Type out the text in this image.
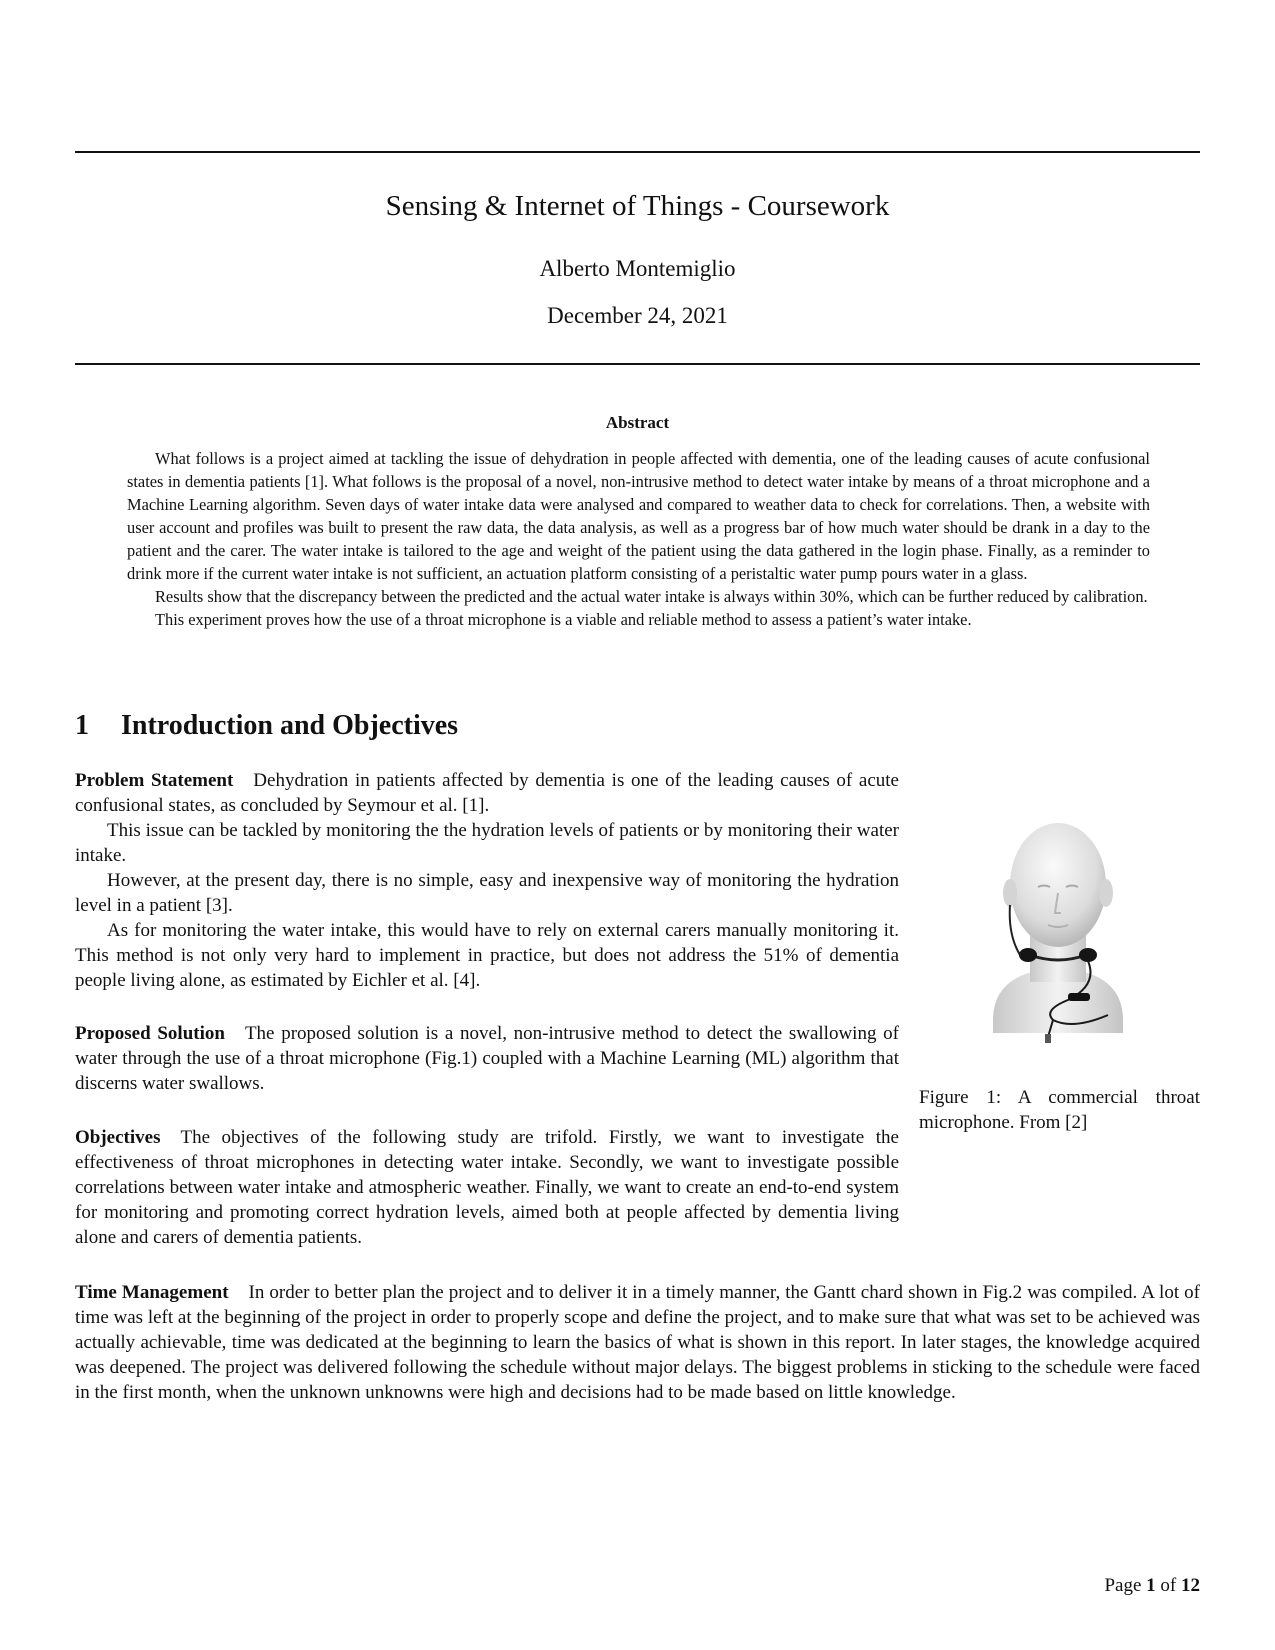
Sensing & Internet of Things - Coursework
Alberto Montemiglio
December 24, 2021
Abstract

What follows is a project aimed at tackling the issue of dehydration in people affected with dementia, one of the leading causes of acute confusional states in dementia patients [1]. What follows is the proposal of a novel, non-intrusive method to detect water intake by means of a throat microphone and a Machine Learning algorithm. Seven days of water intake data were analysed and compared to weather data to check for correlations. Then, a website with user account and profiles was built to present the raw data, the data analysis, as well as a progress bar of how much water should be drank in a day to the patient and the carer. The water intake is tailored to the age and weight of the patient using the data gathered in the login phase. Finally, as a reminder to drink more if the current water intake is not sufficient, an actuation platform consisting of a peristaltic water pump pours water in a glass.

Results show that the discrepancy between the predicted and the actual water intake is always within 30%, which can be further reduced by calibration.

This experiment proves how the use of a throat microphone is a viable and reliable method to assess a patient’s water intake.

1 Introduction and Objectives

Problem Statement Dehydration in patients affected by dementia is one of the leading causes of acute confusional states, as concluded by Seymour et al. [1].

This issue can be tackled by monitoring the the hydration levels of patients or by monitoring their water intake.

However, at the present day, there is no simple, easy and inexpensive way of monitoring the hydration level in a patient [3].

As for monitoring the water intake, this would have to rely on external carers manually monitoring it. This method is not only very hard to implement in practice, but does not address the 51% of dementia people living alone, as estimated by Eichler et al. [4].

Proposed Solution The proposed solution is a novel, non-intrusive method to detect the swallowing of water through the use of a throat microphone (Fig.1) coupled with a Machine Learning (ML) algorithm that discerns water swallows.

Objectives The objectives of the following study are trifold. Firstly, we want to investigate the effectiveness of throat microphones in detecting water intake. Secondly, we want to investigate possible correlations between water intake and atmospheric weather. Finally, we want to create an end-to-end system for monitoring and promoting correct hydration levels, aimed both at people affected by dementia living alone and carers of dementia patients.

Figure 1: A commercial throat microphone. From [2]

Time Management In order to better plan the project and to deliver it in a timely manner, the Gantt chard shown in Fig.2 was compiled. A lot of time was left at the beginning of the project in order to properly scope and define the project, and to make sure that what was set to be achieved was actually achievable, time was dedicated at the beginning to learn the basics of what is shown in this report. In later stages, the knowledge acquired was deepened. The project was delivered following the schedule without major delays. The biggest problems in sticking to the schedule were faced in the first month, when the unknown unknowns were high and decisions had to be made based on little knowledge.

Page 1 of 12
